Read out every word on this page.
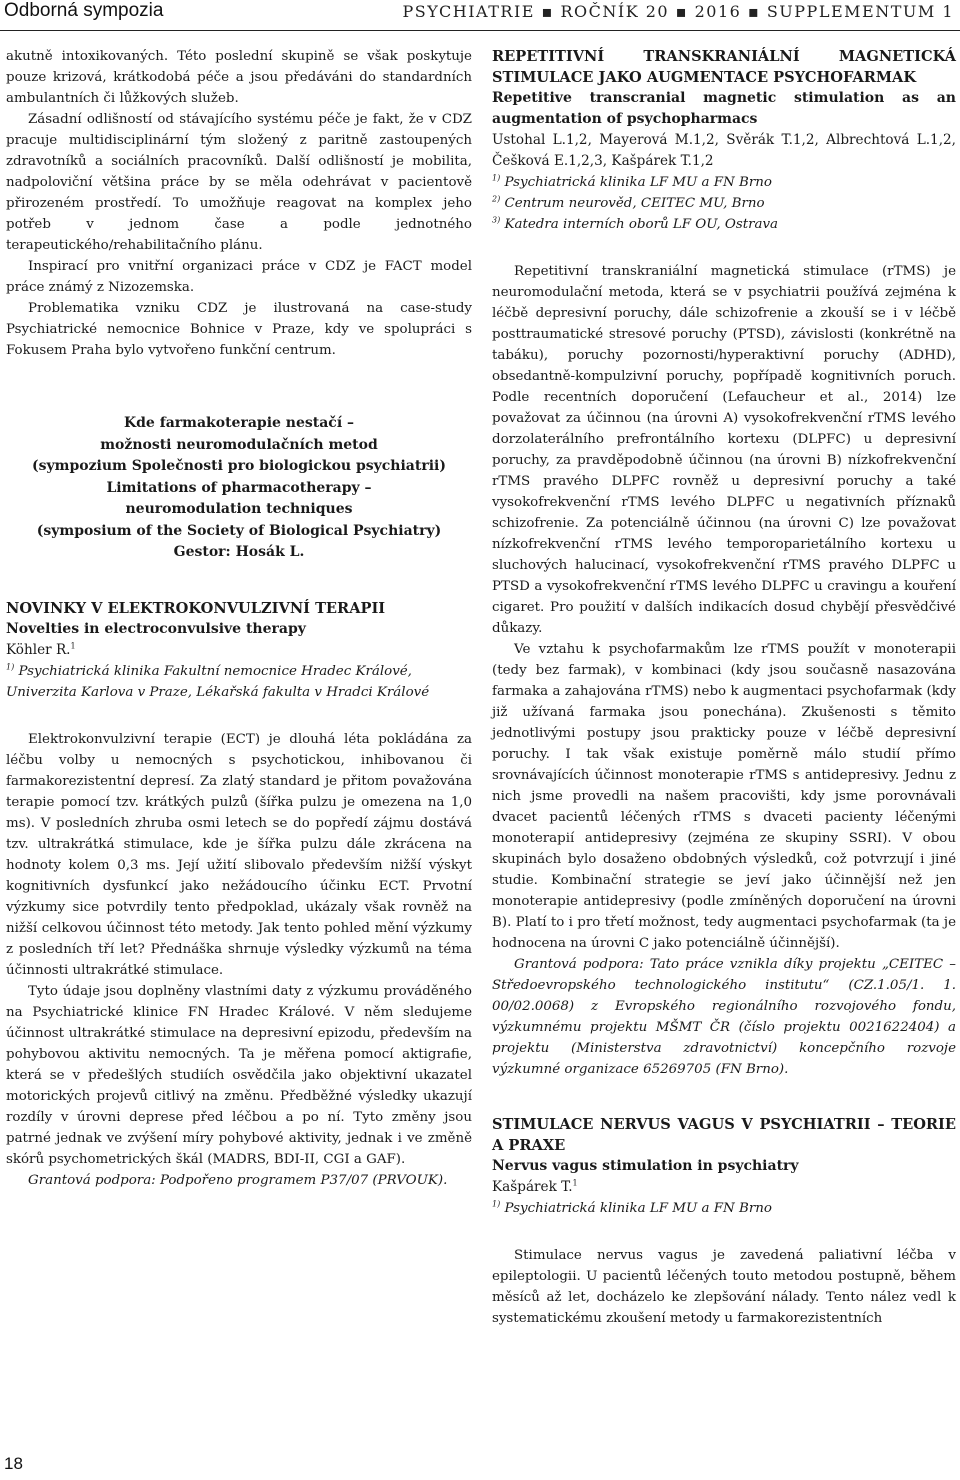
Odborná sympozia	PSYCHIATRIE ▪ ROČNÍK 20 ▪ 2016 ▪ SUPPLEMENTUM 1

akutně intoxikovaných. Této poslední skupině se však poskytuje pouze krizová, krátkodobá péče a jsou předáváni do standardních ambulantních či lůžkových služeb.

Zásadní odlišností od stávajícího systému péče je fakt, že v CDZ pracuje multidisciplinární tým složený z paritně zastoupených zdravotníků a sociálních pracovníků. Další odlišností je mobilita, nadpoloviční většina práce by se měla odehrávat v pacientově přirozeném prostředí. To umožňuje reagovat na komplex jeho potřeb v jednom čase a podle jednotného terapeutického/rehabilitačního plánu.

Inspirací pro vnitřní organizaci práce v CDZ je FACT model práce známý z Nizozemska.

Problematika vzniku CDZ je ilustrovaná na case-study Psychiatrické nemocnice Bohnice v Praze, kdy ve spolupráci s Fokusem Praha bylo vytvořeno funkční centrum.

Kde farmakoterapie nestačí –
možnosti neuromodulačních metod
(sympozium Společnosti pro biologickou psychiatrii)
Limitations of pharmacotherapy –
neuromodulation techniques
(symposium of the Society of Biological Psychiatry)
Gestor: Hosák L.

NOVINKY V ELEKTROKONVULZIVNÍ TERAPII

Novelties in electroconvulsive therapy

Köhler R.$^1$

$^{1)}$ Psychiatrická klinika Fakultní nemocnice Hradec Králové, Univerzita Karlova v Praze, Lékařská fakulta v Hradci Králové

Elektrokonvulzivní terapie (ECT) je dlouhá léta pokládána za léčbu volby u nemocných s psychotickou, inhibovanou či farmakorezistentní depresí. Za zlatý standard je přitom považována terapie pomocí tzv. krátkých pulzů (šířka pulzu je omezena na 1,0 ms). V posledních zhruba osmi letech se do popředí zájmu dostává tzv. ultrakrátká stimulace, kde je šířka pulzu dále zkrácena na hodnoty kolem 0,3 ms. Její užití slibovalo především nižší výskyt kognitivních dysfunkcí jako nežádoucího účinku ECT. Prvotní výzkumy sice potvrdily tento předpoklad, ukázaly však rovněž na nižší celkovou účinnost této metody. Jak tento pohled mění výzkumy z posledních tří let? Přednáška shrnuje výsledky výzkumů na téma účinnosti ultrakrátké stimulace.

Tyto údaje jsou doplněny vlastními daty z výzkumu prováděného na Psychiatrické klinice FN Hradec Králové. V něm sledujeme účinnost ultrakrátké stimulace na depresivní epizodu, především na pohybovou aktivitu nemocných. Ta je měřena pomocí aktigrafie, která se v předešlých studiích osvědčila jako objektivní ukazatel motorických projevů citlivý na změnu. Předběžné výsledky ukazují rozdíly v úrovni deprese před léčbou a po ní. Tyto změny jsou patrné jednak ve zvýšení míry pohybové aktivity, jednak i ve změně skórů psychometrických škál (MADRS, BDI-II, CGI a GAF).

Grantová podpora: Podpořeno programem P37/07 (PRVOUK).

REPETITIVNÍ TRANSKRANIÁLNÍ MAGNETICKÁ STIMULACE JAKO AUGMENTACE PSYCHOFARMAK

Repetitive transcranial magnetic stimulation as an augmentation of psychopharmacs

Ustohal L.1,2, Mayerová M.1,2, Svěrák T.1,2, Albrechtová L.1,2, Češková E.1,2,3, Kašpárek T.1,2

$^{1)}$ Psychiatrická klinika LF MU a FN Brno

$^{2)}$ Centrum neurověd, CEITEC MU, Brno

$^{3)}$ Katedra interních oborů LF OU, Ostrava

Repetitivní transkraniální magnetická stimulace (rTMS) je neuromodulační metoda, která se v psychiatrii používá zejména k léčbě depresivní poruchy, dále schizofrenie a zkouší se i v léčbě posttraumatické stresové poruchy (PTSD), závislosti (konkrétně na tabáku), poruchy pozornosti/hyperaktivní poruchy (ADHD), obsedantně-kompulzivní poruchy, popřípadě kognitivních poruch. Podle recentních doporučení (Lefaucheur et al., 2014) lze považovat za účinnou (na úrovni A) vysokofrekvenční rTMS levého dorzolaterálního prefrontálního kortexu (DLPFC) u depresivní poruchy, za pravděpodobně účinnou (na úrovni B) nízkofrekvenční rTMS pravého DLPFC rovněž u depresivní poruchy a také vysokofrekvenční rTMS levého DLPFC u negativních příznaků schizofrenie. Za potenciálně účinnou (na úrovni C) lze považovat nízkofrekvenční rTMS levého temporoparietálního kortexu u sluchových halucinací, vysokofrekvenční rTMS pravého DLPFC u PTSD a vysokofrekvenční rTMS levého DLPFC u cravingu a kouření cigaret. Pro použití v dalších indikacích dosud chybějí přesvědčivé důkazy.

Ve vztahu k psychofarmakům lze rTMS použít v monoterapii (tedy bez farmak), v kombinaci (kdy jsou současně nasazována farmaka a zahajována rTMS) nebo k augmentaci psychofarmak (kdy již užívaná farmaka jsou ponechána). Zkušenosti s těmito jednotlivými postupy jsou prakticky pouze v léčbě depresivní poruchy. I tak však existuje poměrně málo studií přímo srovnávajících účinnost monoterapie rTMS s antidepresivy. Jednu z nich jsme provedli na našem pracovišti, kdy jsme porovnávali dvacet pacientů léčených rTMS s dvaceti pacienty léčenými monoterapií antidepresivy (zejména ze skupiny SSRI). V obou skupinách bylo dosaženo obdobných výsledků, což potvrzují i jiné studie. Kombinační strategie se jeví jako účinnější než jen monoterapie antidepresivy (podle zmíněných doporučení na úrovni B). Platí to i pro třetí možnost, tedy augmentaci psychofarmak (ta je hodnocena na úrovni C jako potenciálně účinnější).

Grantová podpora: Tato práce vznikla díky projektu „CEITEC – Středoevropského technologického institutu“ (CZ.1.05/1. 1. 00/02.0068) z Evropského regionálního rozvojového fondu, výzkumnému projektu MŠMT ČR (číslo projektu 0021622404) a projektu (Ministerstva zdravotnictví) koncepčního rozvoje výzkumné organizace 65269705 (FN Brno).

STIMULACE NERVUS VAGUS V PSYCHIATRII – TEORIE A PRAXE

Nervus vagus stimulation in psychiatry

Kašpárek T.$^1$

$^{1)}$ Psychiatrická klinika LF MU a FN Brno

Stimulace nervus vagus je zavedená paliativní léčba v epileptologii. U pacientů léčených touto metodou postupně, během měsíců až let, docházelo ke zlepšování nálady. Tento nález vedl k systematickému zkoušení metody u farmakorezistentních

18
